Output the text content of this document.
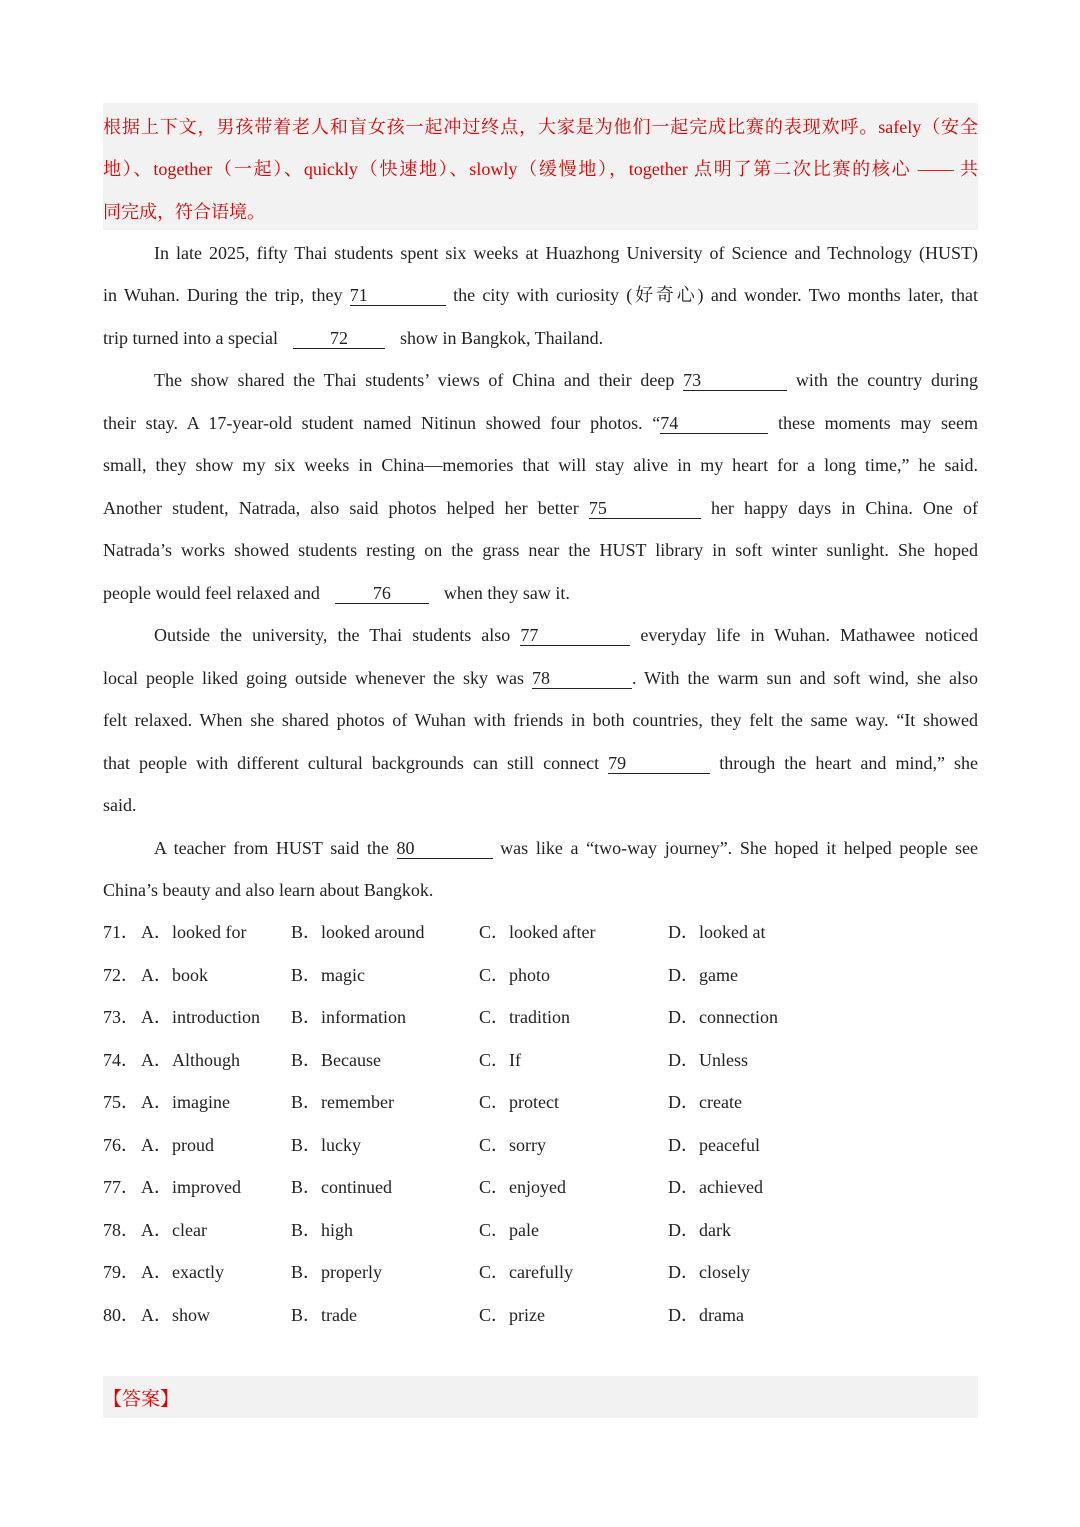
根据上下文，男孩带着老人和盲女孩一起冲过终点，大家是为他们一起完成比赛的表现欢呼。safely（安全
地）、together（一起）、quickly（快速地）、slowly（缓慢地），together 点明了第二次比赛的核心 —— 共
同完成，符合语境。
In late 2025, fifty Thai students spent six weeks at Huazhong University of Science and Technology (HUST)
in Wuhan. During the trip, they 71	the city with curiosity (好奇心) and wonder. Two months later, that
trip turned into a special	72	show in Bangkok, Thailand.
The show shared the Thai students’ views of China and their deep 73	with the country during
their stay. A 17-year-old student named Nitinun showed four photos. “74	these moments may seem
small, they show my six weeks in China—memories that will stay alive in my heart for a long time,” he said.
Another student, Natrada, also said photos helped her better 75	her happy days in China. One of
Natrada’s works showed students resting on the grass near the HUST library in soft winter sunlight. She hoped
people would feel relaxed and	76	when they saw it.
Outside the university, the Thai students also 77	everyday life in Wuhan. Mathawee noticed
local people liked going outside whenever the sky was 78	. With the warm sun and soft wind, she also
felt relaxed. When she shared photos of Wuhan with friends in both countries, they felt the same way. “It showed
that people with different cultural backgrounds can still connect 79	through the heart and mind,” she
said.
A teacher from HUST said the 80	was like a “two-way journey”. She hoped it helped people see
China’s beauty and also learn about Bangkok.
71． A．looked for B．looked around	C．looked after	D．looked at
72． A．book	B．magic	C．photo	D．game
73． A．introduction B．information	C．tradition	D．connection
74． A．Although	B．Because	C．If	D．Unless
75． A．imagine	B．remember	C．protect	D．create
76． A．proud	B．lucky	C．sorry	D．peaceful
77． A．improved	B．continued	C．enjoyed	D．achieved
78． A．clear	B．high	C．pale	D．dark
79． A．exactly	B．properly	C．carefully	D．closely
80． A．show	B．trade	C．prize	D．drama
【答案】
